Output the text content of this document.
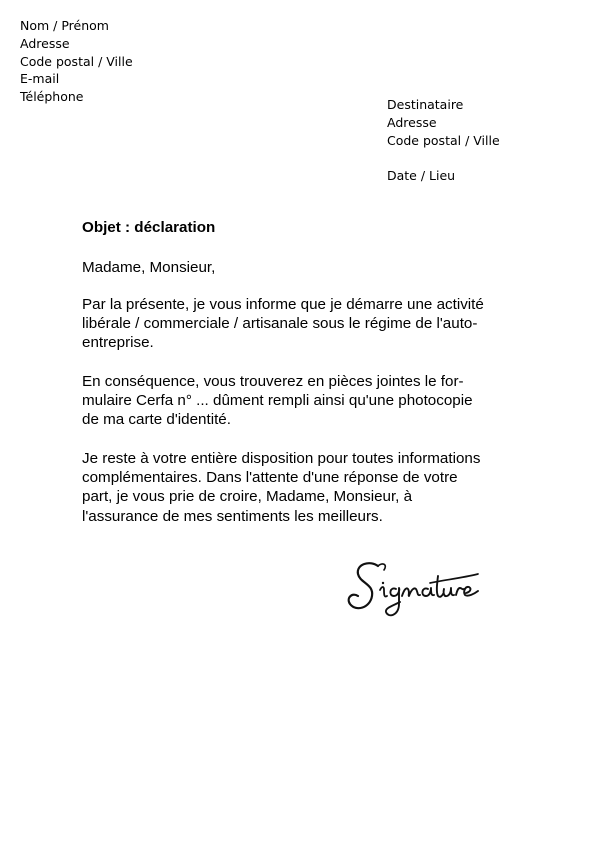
Nom / Prénom
Adresse
Code postal / Ville
E-mail
Téléphone
Destinataire
Adresse
Code postal / Ville
Date / Lieu
Objet : déclaration
Madame, Monsieur,
Par la présente, je vous informe que je démarre une activité
libérale / commerciale / artisanale sous le régime de l'auto-
entreprise.
En conséquence, vous trouverez en pièces jointes le for-
mulaire Cerfa n° ... dûment rempli ainsi qu'une photocopie
de ma carte d'identité.
Je reste à votre entière disposition pour toutes informations
complémentaires. Dans l'attente d'une réponse de votre
part, je vous prie de croire, Madame, Monsieur, à
l'assurance de mes sentiments les meilleurs.
